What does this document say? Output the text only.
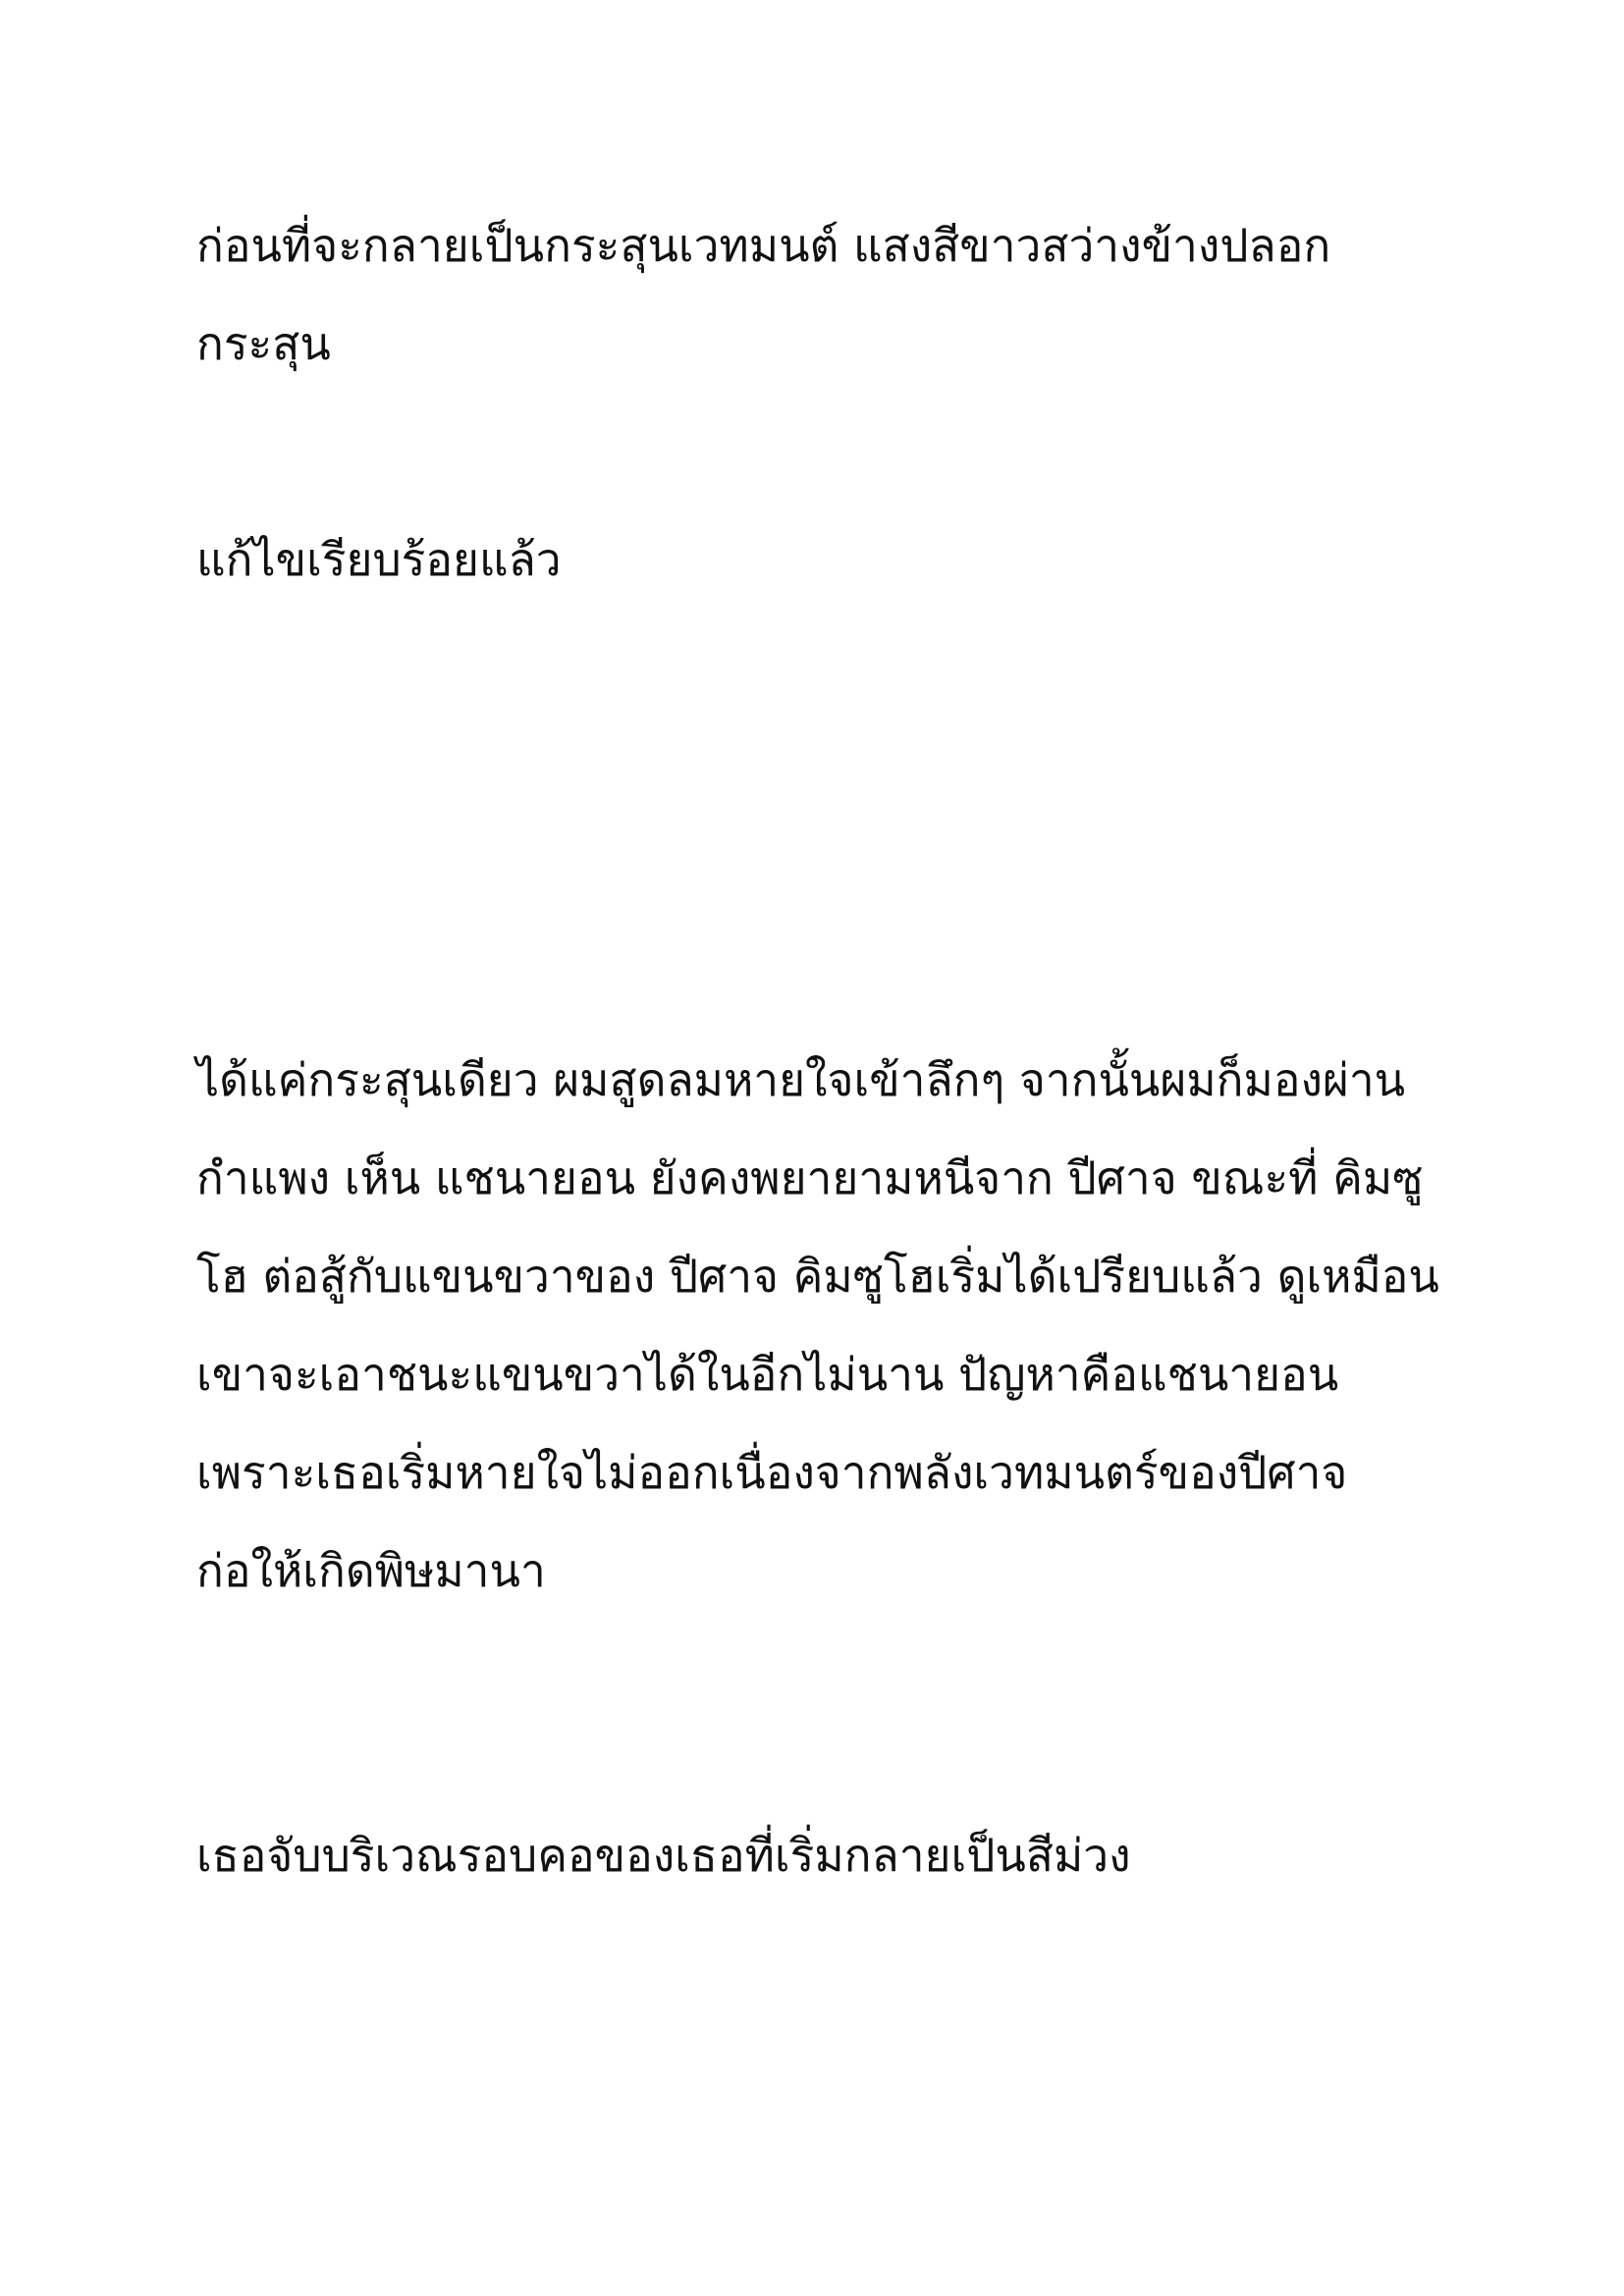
ก่อนที่จะกลายเป็นกระสุนเวทมนต์ แสงสีขาวสว่างข้างปลอก

กระสุน

แก้ไขเรียบร้อยแล้ว

ได้แค่กระสุนเดียว ผมสูดลมหายใจเข้าลึกๆ จากนั้นผมก็มองผ่าน

กำแพง เห็น แชนายอน ยังคงพยายามหนีจาก ปีศาจ ขณะที่ คิมซู

โฮ ต่อสู้กับแขนขวาของ ปีศาจ คิมซูโฮเริ่มได้เปรียบแล้ว ดูเหมือน

เขาจะเอาชนะแขนขวาได้ในอีกไม่นาน ปัญหาคือแชนายอน

เพราะเธอเริ่มหายใจไม่ออกเนื่องจากพลังเวทมนตร์ของปีศาจ

ก่อให้เกิดพิษมานา

เธอจับบริเวณรอบคอของเธอที่เริ่มกลายเป็นสีม่วง
